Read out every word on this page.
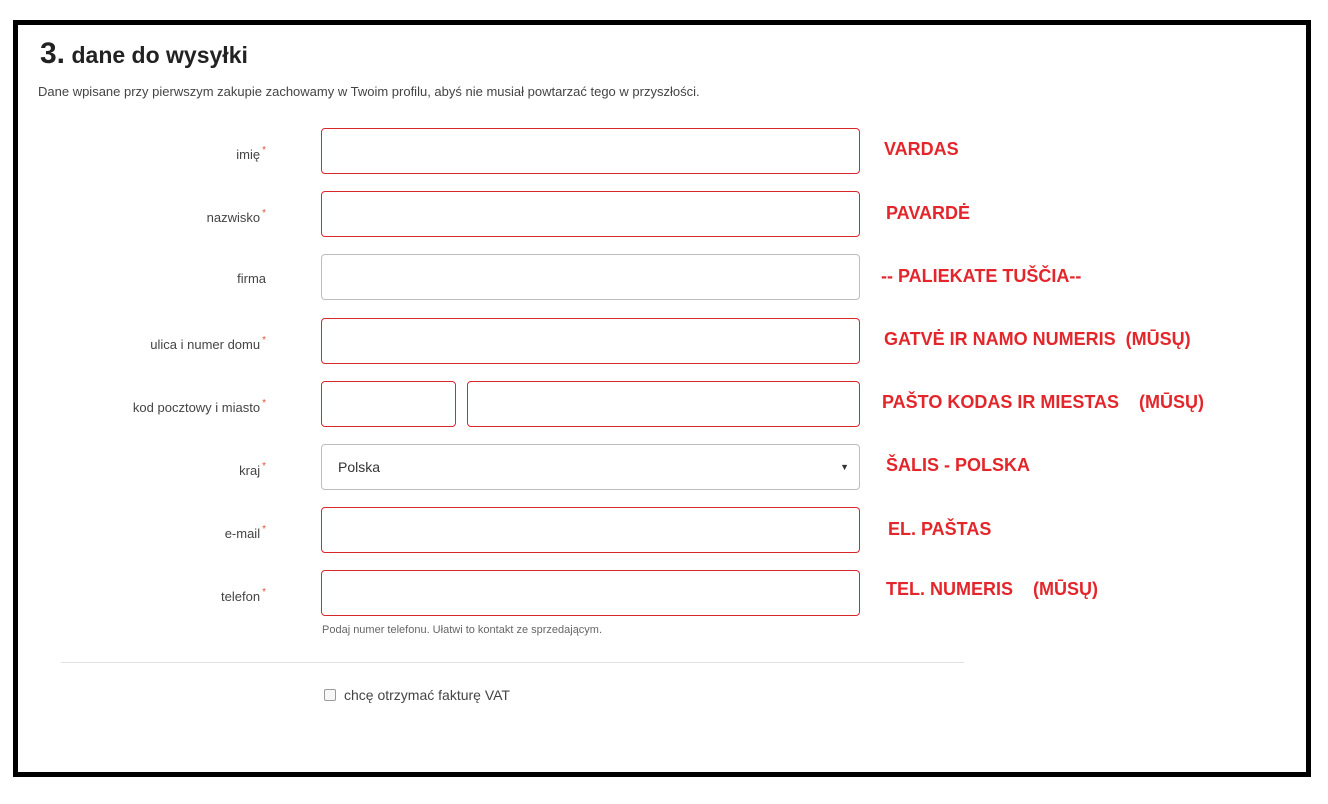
3. dane do wysyłki
Dane wpisane przy pierwszym zakupie zachowamy w Twoim profilu, abyś nie musiał powtarzać tego w przyszłości.
imię *	VARDAS
nazwisko *	PAVARDĖ
firma	-- PALIEKATE TUŠČIA--
ulica i numer domu *	GATVĖ IR NAMO NUMERIS  (MŪSŲ)
kod pocztowy i miasto *	PAŠTO KODAS IR MIESTAS    (MŪSŲ)
kraj *	Polska	▼ ŠALIS - POLSKA
e-mail *	EL. PAŠTAS
telefon *	TEL. NUMERIS    (MŪSŲ)
Podaj numer telefonu. Ułatwi to kontakt ze sprzedającym.
chcę otrzymać fakturę VAT
